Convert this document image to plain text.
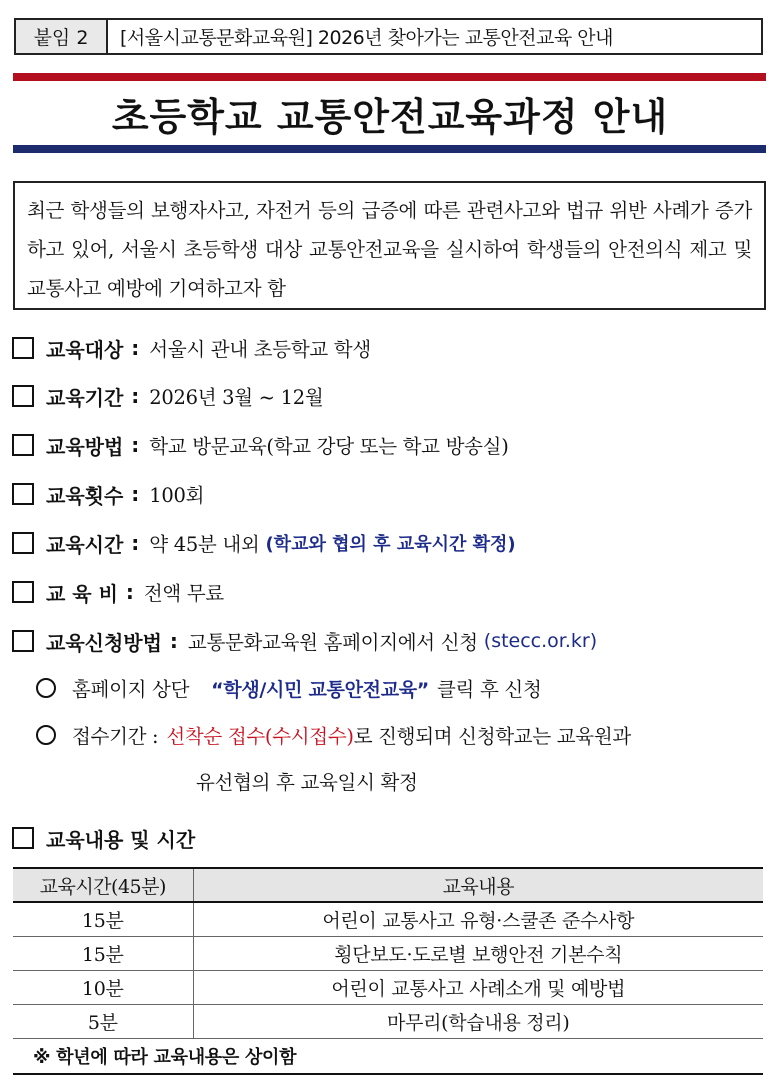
붙임 2	[서울시교통문화교육원] 2026년 찾아가는 교통안전교육 안내
초등학교 교통안전교육과정 안내
최근 학생들의 보행자사고, 자전거 등의 급증에 따른 관련사고와 법규 위반 사례가 증가하고 있어, 서울시 초등학생 대상 교통안전교육을 실시하여 학생들의 안전의식 제고 및 교통사고 예방에 기여하고자 함
교육대상 : 서울시 관내 초등학교 학생
교육기간 : 2026년 3월 ~ 12월
교육방법 : 학교 방문교육(학교 강당 또는 학교 방송실)
교육횟수 : 100회
교육시간 : 약 45분 내외 (학교와 협의 후 교육시간 확정)
교 육 비 : 전액 무료
교육신청방법 : 교통문화교육원 홈페이지에서 신청 (stecc.or.kr)
홈페이지 상단 “학생/시민 교통안전교육” 클릭 후 신청
접수기간 : 선착순 접수(수시접수) 로 진행되며 신청학교는 교육원과
유선협의 후 교육일시 확정
교육내용 및 시간
교육시간(45분)	교육내용
15분	어린이 교통사고 유형·스쿨존 준수사항
15분	횡단보도·도로별 보행안전 기본수칙
10분	어린이 교통사고 사례소개 및 예방법
5분	마무리(학습내용 정리)
※ 학년에 따라 교육내용은 상이함	
